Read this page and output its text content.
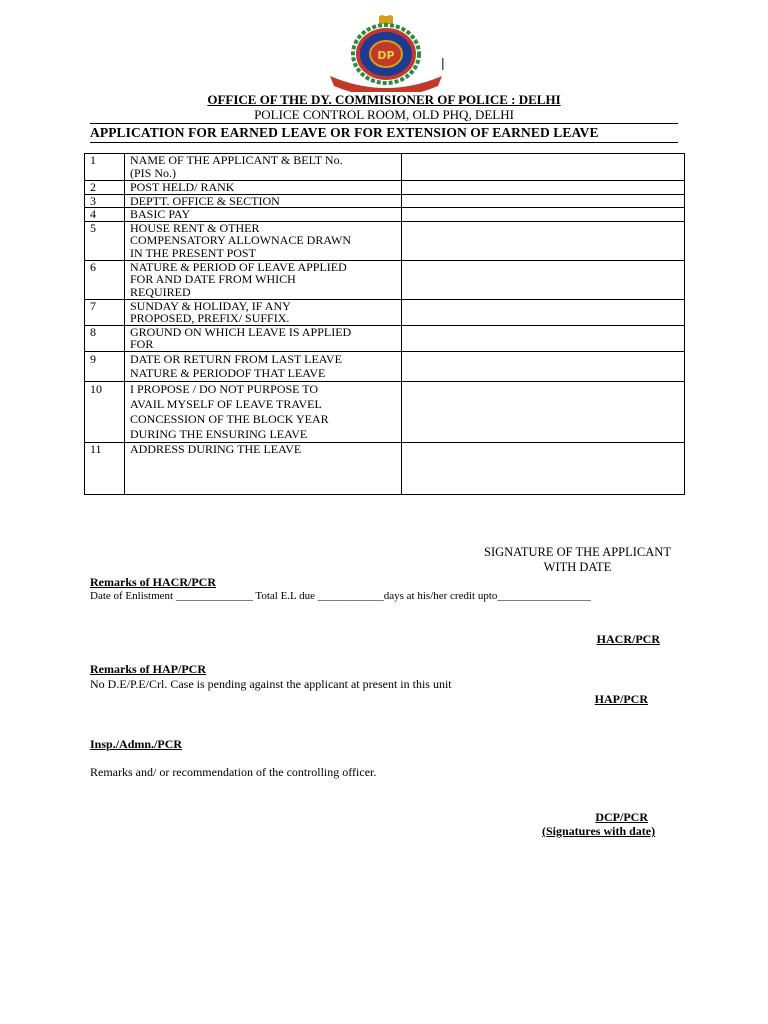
DP
OFFICE OF THE DY. COMMISIONER OF POLICE : DELHI
POLICE CONTROL ROOM, OLD PHQ, DELHI
APPLICATION FOR EARNED LEAVE OR FOR EXTENSION OF EARNED LEAVE
1	NAME OF THE APPLICANT & BELT No.
(PIS No.)	

2	POST HELD/ RANK	

3	DEPTT. OFFICE & SECTION	

4	BASIC PAY	

5	HOUSE RENT & OTHER
COMPENSATORY ALLOWNACE DRAWN
IN THE PRESENT POST	

6	NATURE & PERIOD OF LEAVE APPLIED
FOR AND DATE FROM WHICH
REQUIRED	

7	SUNDAY & HOLIDAY, IF ANY
PROPOSED, PREFIX/ SUFFIX.	

8	GROUND ON WHICH LEAVE IS APPLIED
FOR	

9	DATE OR RETURN FROM LAST LEAVE
NATURE & PERIODOF THAT LEAVE	

10	I PROPOSE / DO NOT PURPOSE TO
AVAIL MYSELF OF LEAVE TRAVEL
CONCESSION OF THE BLOCK YEAR
DURING THE ENSURING LEAVE	

11	ADDRESS DURING THE LEAVE	

SIGNATURE OF THE APPLICANT
WITH DATE
Remarks of HACR/PCR
Date of Enlistment ______________ Total E.L due ____________days at his/her credit upto_________________
HACR/PCR
Remarks of HAP/PCR
No D.E/P.E/Crl. Case is pending against the applicant at present in this unit
HAP/PCR
Insp./Admn./PCR
Remarks and/ or recommendation of the controlling officer.
DCP/PCR
(Signatures with date)
